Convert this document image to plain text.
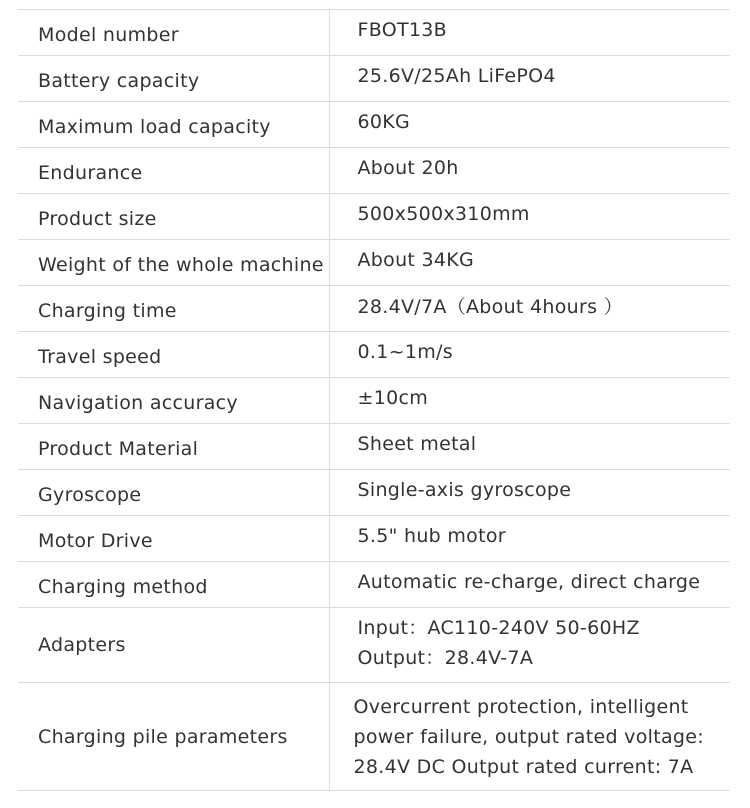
Model number	FBOT13B

Battery capacity	25.6V/25Ah LiFePO4

Maximum load capacity	60KG

Endurance	About 20h

Product size	500x500x310mm

Weight of the whole machine	About 34KG

Charging time	28.4V/7A（About 4hours ）

Travel speed	0.1~1m/s

Navigation accuracy	±10cm

Product Material	Sheet metal

Gyroscope	Single-axis gyroscope

Motor Drive	5.5" hub motor

Charging method	Automatic re-charge, direct charge

Adapters	Input：AC110-240V 50-60HZ
Output：28.4V-7A

Charging pile parameters	Overcurrent protection, intelligent
power failure, output rated voltage:
28.4V DC Output rated current: 7A
